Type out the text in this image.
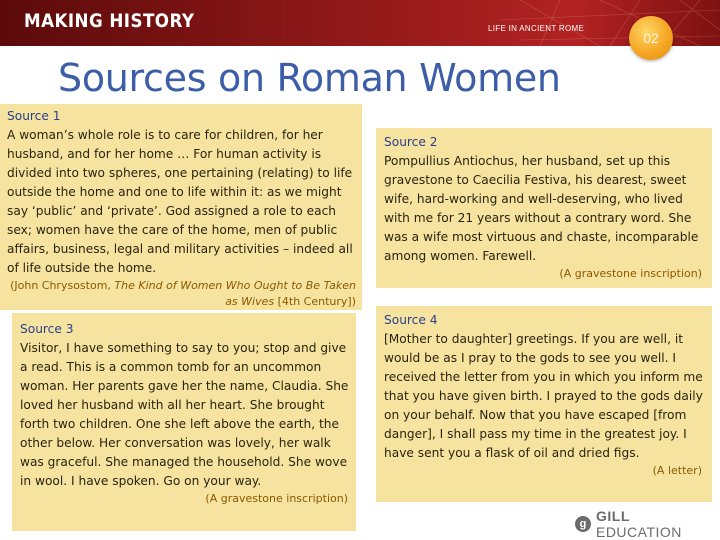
MAKING HISTORY	LIFE IN ANCIENT ROME
02
Sources on Roman Women
Source 1
A woman’s whole role is to care for children, for her husband, and for her home … For human activity is divided into two spheres, one pertaining (relating) to life outside the home and one to life within it: as we might say ‘public’ and ‘private’. God assigned a role to each sex; women have the care of the home, men of public affairs, business, legal and military activities – indeed all of life outside the home.
(John Chrysostom, The Kind of Women Who Ought to Be Taken as Wives [4th Century])
Source 2
Pompullius Antiochus, her husband, set up this gravestone to Caecilia Festiva, his dearest, sweet wife, hard-working and well-deserving, who lived with me for 21 years without a contrary word. She was a wife most virtuous and chaste, incomparable among women. Farewell.
(A gravestone inscription)
Source 3
Visitor, I have something to say to you; stop and give a read. This is a common tomb for an uncommon woman. Her parents gave her the name, Claudia. She loved her husband with all her heart. She brought forth two children. One she left above the earth, the other below. Her conversation was lovely, her walk was graceful. She managed the household. She wove in wool. I have spoken. Go on your way.
(A gravestone inscription)
Source 4
[Mother to daughter] greetings. If you are well, it would be as I pray to the gods to see you well. I received the letter from you in which you inform me that you have given birth. I prayed to the gods daily on your behalf. Now that you have escaped [from danger], I shall pass my time in the greatest joy. I have sent you a flask of oil and dried figs.
(A letter)
g GILL EDUCATION
